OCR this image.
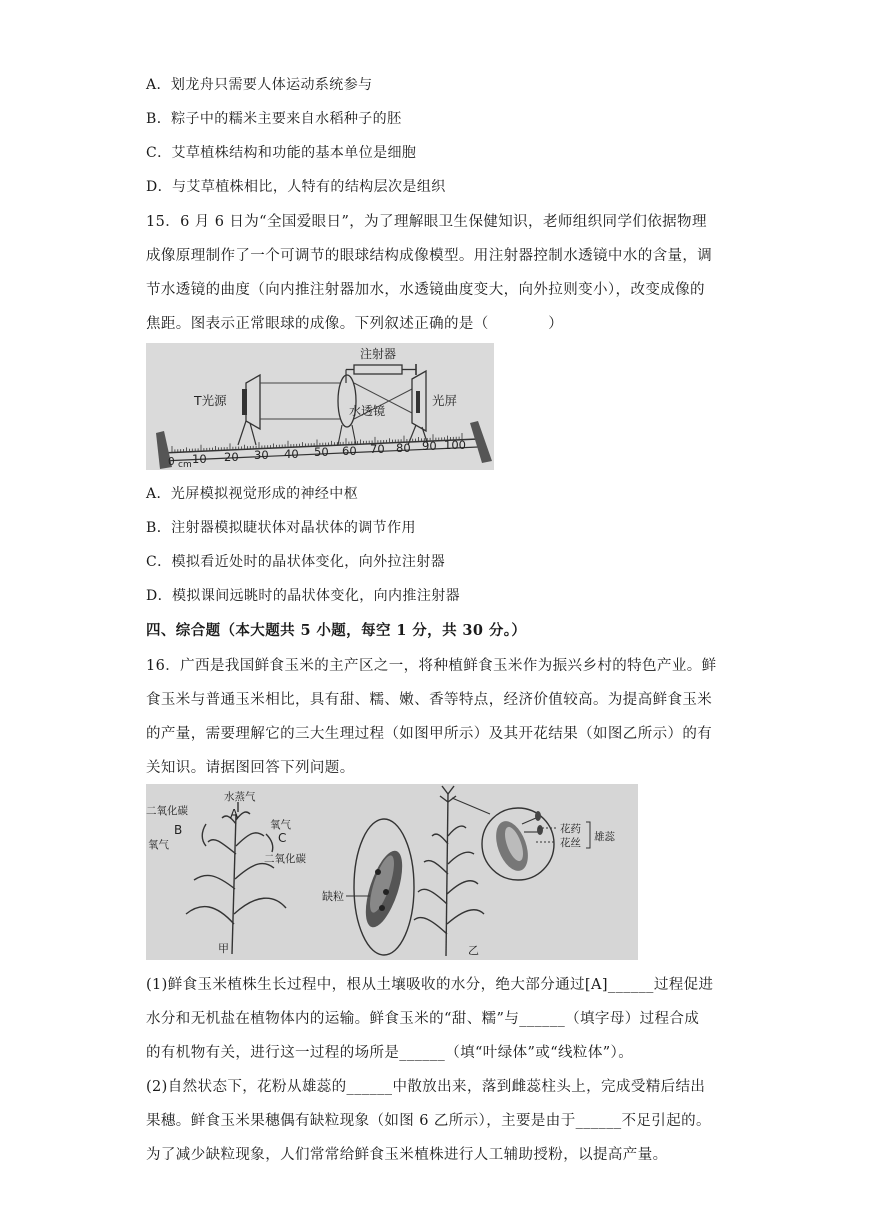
A．划龙舟只需要人体运动系统参与
B．粽子中的糯米主要来自水稻种子的胚
C．艾草植株结构和功能的基本单位是细胞
D．与艾草植株相比，人特有的结构层次是组织
15．6 月 6 日为“全国爱眼日”，为了理解眼卫生保健知识，老师组织同学们依据物理
成像原理制作了一个可调节的眼球结构成像模型。用注射器控制水透镜中水的含量，调
节水透镜的曲度（向内推注射器加水，水透镜曲度变大，向外拉则变小），改变成像的
焦距。图表示正常眼球的成像。下列叙述正确的是（　　　　）
注射器
T光源
水透镜
光屏
0 cm 10 20 30 40 50 60 70 80 90 100
A．光屏模拟视觉形成的神经中枢
B．注射器模拟睫状体对晶状体的调节作用
C．模拟看近处时的晶状体变化，向外拉注射器
D．模拟课间远眺时的晶状体变化，向内推注射器
四、综合题（本大题共 5 小题，每空 1 分，共 30 分。）
16．广西是我国鲜食玉米的主产区之一，将种植鲜食玉米作为振兴乡村的特色产业。鲜
食玉米与普通玉米相比，具有甜、糯、嫩、香等特点，经济价值较高。为提高鲜食玉米
的产量，需要理解它的三大生理过程（如图甲所示）及其开花结果（如图乙所示）的有
关知识。请据图回答下列问题。
二氧化碳
B
氧气
水蒸气
A
氧气
C
二氧化碳
甲
缺粒
乙
花药
花丝 雄蕊
(1)鲜食玉米植株生长过程中，根从土壤吸收的水分，绝大部分通过[A]______过程促进
水分和无机盐在植物体内的运输。鲜食玉米的“甜、糯”与______（填字母）过程合成
的有机物有关，进行这一过程的场所是______（填“叶绿体”或“线粒体”）。
(2)自然状态下，花粉从雄蕊的______中散放出来，落到雌蕊柱头上，完成受精后结出
果穗。鲜食玉米果穗偶有缺粒现象（如图 6 乙所示），主要是由于______不足引起的。
为了减少缺粒现象，人们常常给鲜食玉米植株进行人工辅助授粉，以提高产量。
